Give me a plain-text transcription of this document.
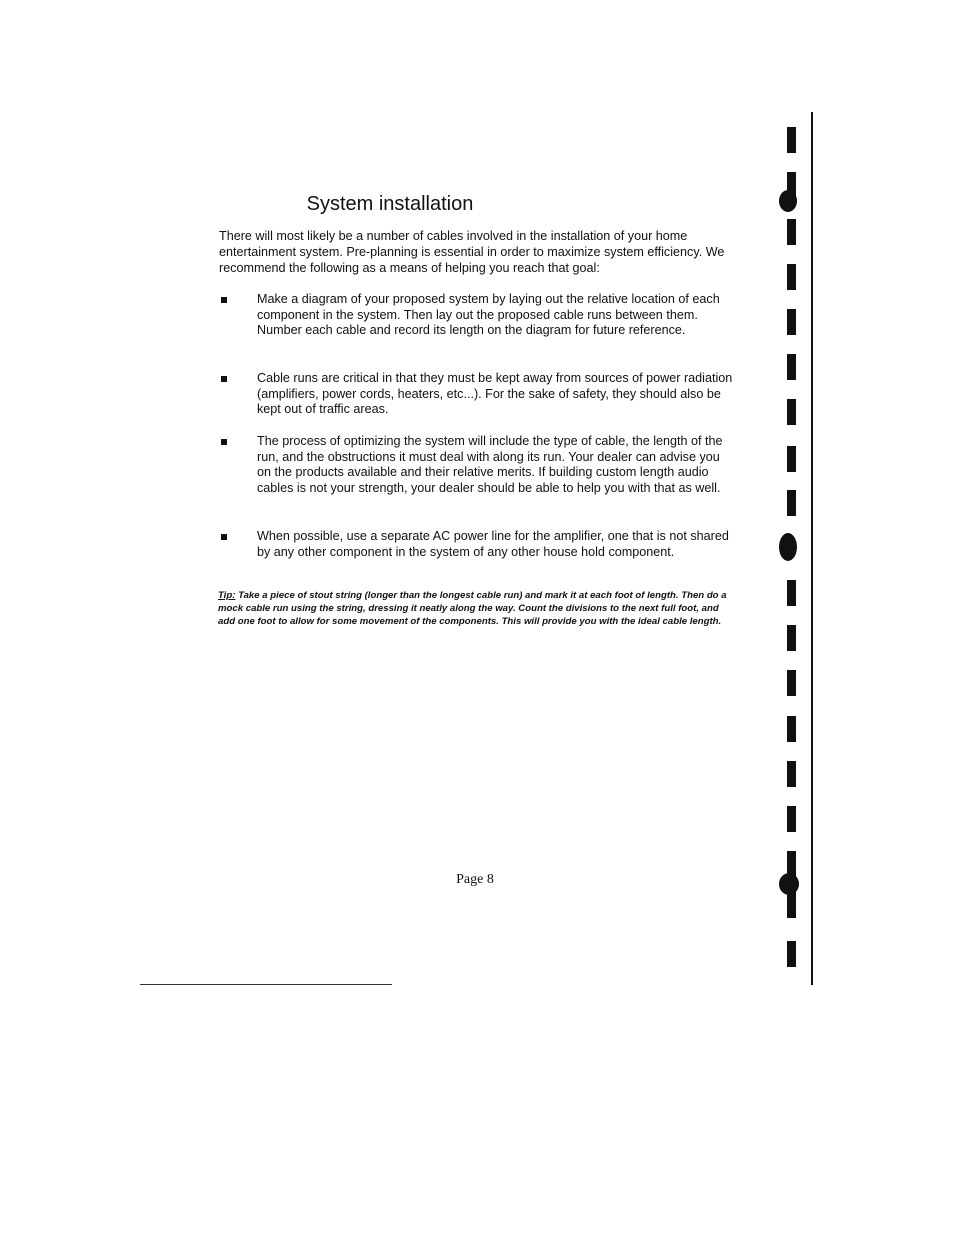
System installation

There will most likely be a number of cables involved in the installation of your home entertainment system. Pre-planning is essential in order to maximize system efficiency. We recommend the following as a means of helping you reach that goal:

Make a diagram of your proposed system by laying out the relative location of each component in the system. Then lay out the proposed cable runs between them. Number each cable and record its length on the diagram for future reference.
Cable runs are critical in that they must be kept away from sources of power radiation (amplifiers, power cords, heaters, etc...). For the sake of safety, they should also be kept out of traffic areas.
The process of optimizing the system will include the type of cable, the length of the run, and the obstructions it must deal with along its run. Your dealer can advise you on the products available and their relative merits. If building custom length audio cables is not your strength, your dealer should be able to help you with that as well.
When possible, use a separate AC power line for the amplifier, one that is not shared by any other component in the system of any other house hold component.
Tip: Take a piece of stout string (longer than the longest cable run) and mark it at each foot of length. Then do a mock cable run using the string, dressing it neatly along the way. Count the divisions to the next full foot, and add one foot to allow for some movement of the components. This will provide you with the ideal cable length.
Page 8
